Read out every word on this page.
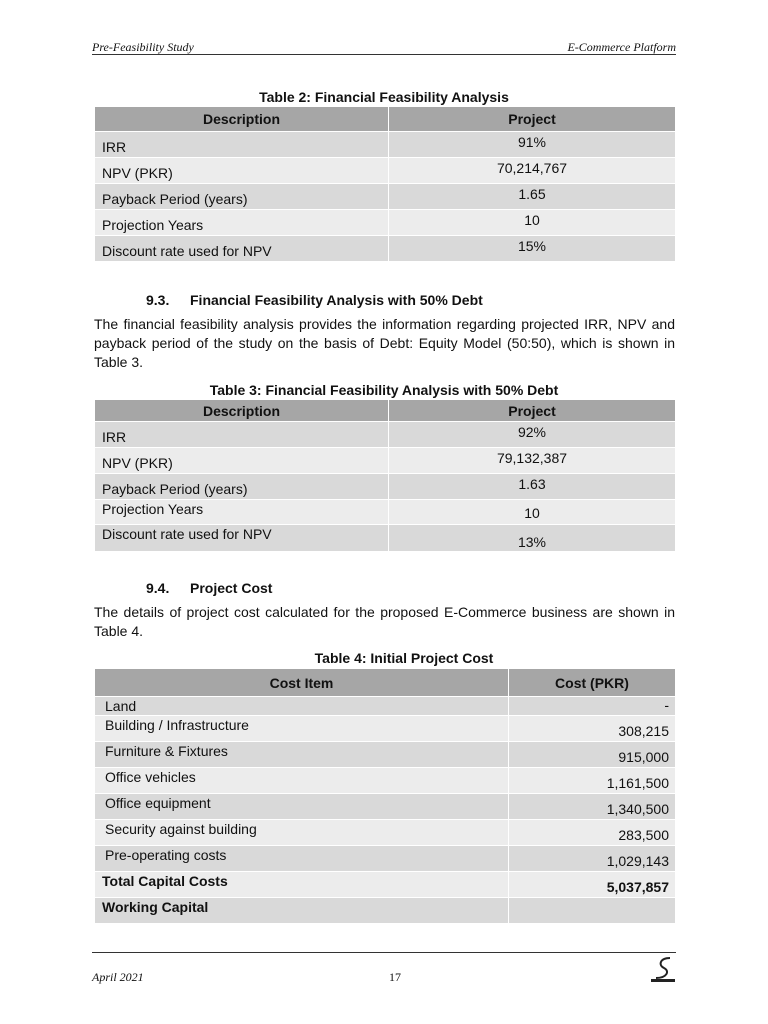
Pre-Feasibility Study	E-Commerce Platform
Table 2: Financial Feasibility Analysis
Description	Project
IRR	91%
NPV (PKR)	70,214,767
Payback Period (years)	1.65
Projection Years	10
Discount rate used for NPV	15%
9.3. Financial Feasibility Analysis with 50% Debt
The financial feasibility analysis provides the information regarding projected IRR, NPV and payback period of the study on the basis of Debt: Equity Model (50:50), which is shown in Table 3.
Table 3: Financial Feasibility Analysis with 50% Debt
Description	Project
IRR	92%
NPV (PKR)	79,132,387
Payback Period (years)	1.63
Projection Years	10
Discount rate used for NPV	13%
9.4. Project Cost
The details of project cost calculated for the proposed E-Commerce business are shown in Table 4.
Table 4: Initial Project Cost
Cost Item	Cost (PKR)
Land	-
Building / Infrastructure	308,215
Furniture & Fixtures	915,000
Office vehicles	1,161,500
Office equipment	1,340,500
Security against building	283,500
Pre-operating costs	1,029,143
Total Capital Costs	5,037,857
Working Capital	
April 2021	17
